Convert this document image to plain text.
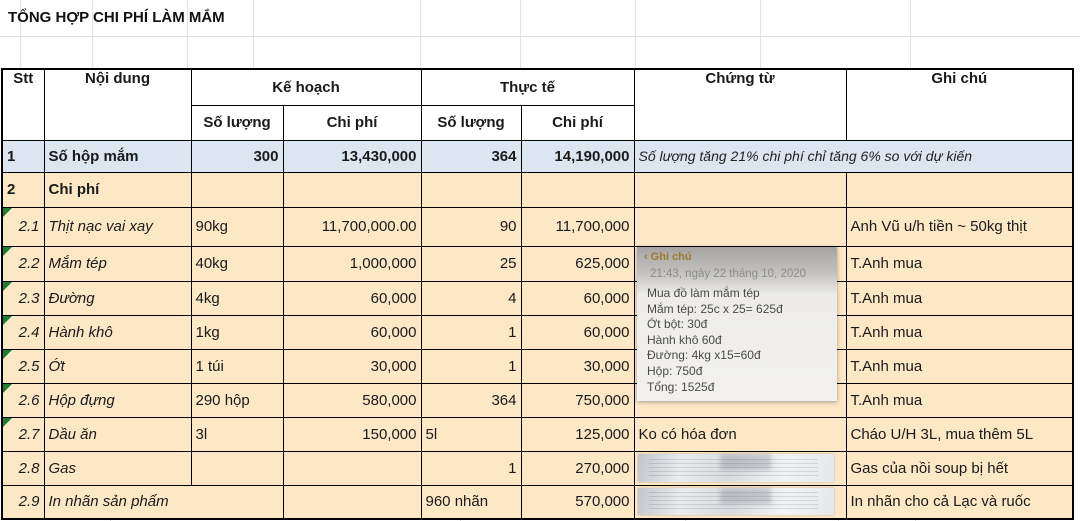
TỔNG HỢP CHI PHÍ LÀM MẮM
Stt	Nội dung	Kế hoạch		Thực tế		Chứng từ	Ghi chú
		Số lượng	Chi phí	Số lượng	Chi phí		
1	Số hộp mắm	300	13,430,000	364	14,190,000	Số lượng tăng 21% chi phí chỉ tăng 6% so với dự kiến	
2	Chi phí						
2.1	Thịt nạc vai xay	90kg	11,700,000.00	90	11,700,000		Anh Vũ u/h tiền ~ 50kg thịt
2.2	Mắm tép	40kg	1,000,000	25	625,000		T.Anh mua
2.3	Đường	4kg	60,000	4	60,000		T.Anh mua
2.4	Hành khô	1kg	60,000	1	60,000		T.Anh mua
2.5	Ớt	1 túi	30,000	1	30,000		T.Anh mua
2.6	Hộp đựng	290 hộp	580,000	364	750,000		T.Anh mua
2.7	Dầu ăn	3l	150,000	5l	125,000	Ko có hóa đơn	Cháo U/H 3L, mua thêm 5L
2.8	Gas			1	270,000		Gas của nồi soup bị hết
2.9	In nhãn sản phẩm			960 nhãn	570,000		In nhãn cho cả Lạc và ruốc
‹ Ghi chú
21:43, ngày 22 tháng 10, 2020
Mua đồ làm mắm tép
Mắm tép: 25c x 25= 625đ
Ớt bột: 30đ
Hành khô 60đ
Đường: 4kg x15=60đ
Hộp: 750đ
Tổng: 1525đ
